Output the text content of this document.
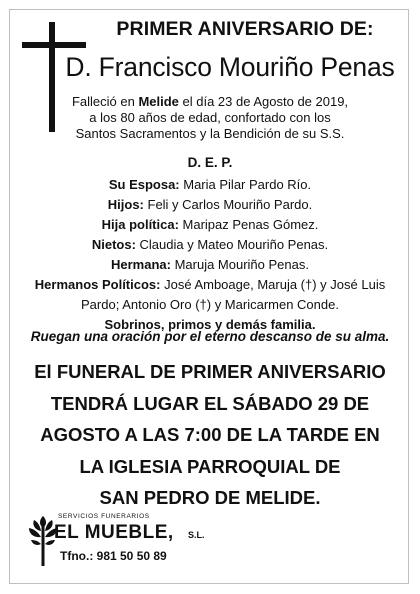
PRIMER ANIVERSARIO DE:
D. Francisco Mouriño Penas

Falleció en Melide el día 23 de Agosto de 2019,

a los 80 años de edad, confortado con los

Santos Sacramentos y la Bendición de su S.S.

D. E. P.

Su Esposa: Maria Pilar Pardo Río.

Hijos: Feli y Carlos Mouriño Pardo.

Hija política: Maripaz Penas Gómez.

Nietos: Claudia y Mateo Mouriño Penas.

Hermana: Maruja Mouriño Penas.

Hermanos Políticos: José Amboage, Maruja (†) y José Luis

Pardo; Antonio Oro (†) y Maricarmen Conde.

Sobrinos, primos y demás familia.

Ruegan una oración por el eterno descanso de su alma.

El FUNERAL DE PRIMER ANIVERSARIO

TENDRÁ LUGAR EL SÁBADO 29 DE

AGOSTO A LAS 7:00 DE LA TARDE EN

LA IGLESIA PARROQUIAL DE

SAN PEDRO DE MELIDE.

SERVICIOS FUNERARIOS
EL MUEBLE, S.L.
Tfno.: 981 50 50 89
